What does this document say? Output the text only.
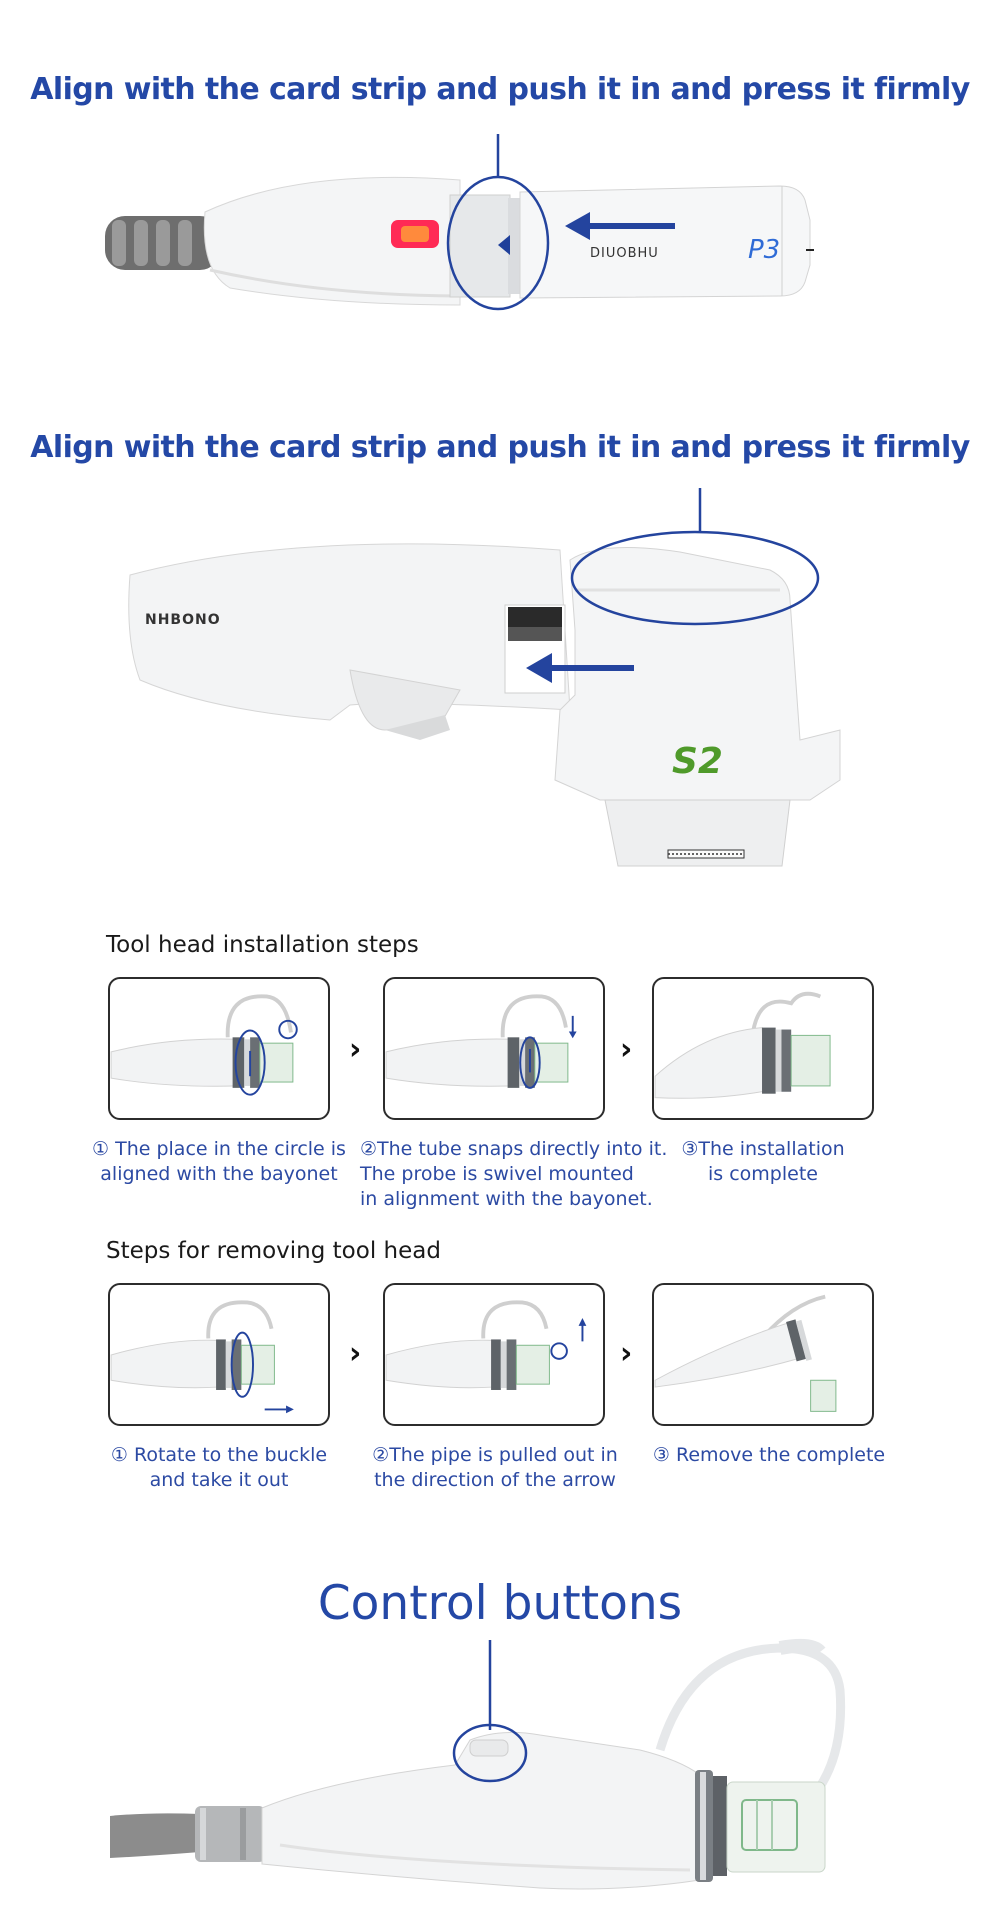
Align with the card strip and push it in and press it firmly
DIUOBHU	P3
Align with the card strip and push it in and press it firmly
NHBONO
S2
Tool head installation steps
›	›
① The place in the circle is
aligned with the bayonet
②The tube snaps directly into it.
The probe is swivel mounted
in alignment with the bayonet.
③The installation
is complete
Steps for removing tool head
›	›
① Rotate to the buckle
and take it out
②The pipe is pulled out in
the direction of the arrow
③ Remove the complete
Control buttons
